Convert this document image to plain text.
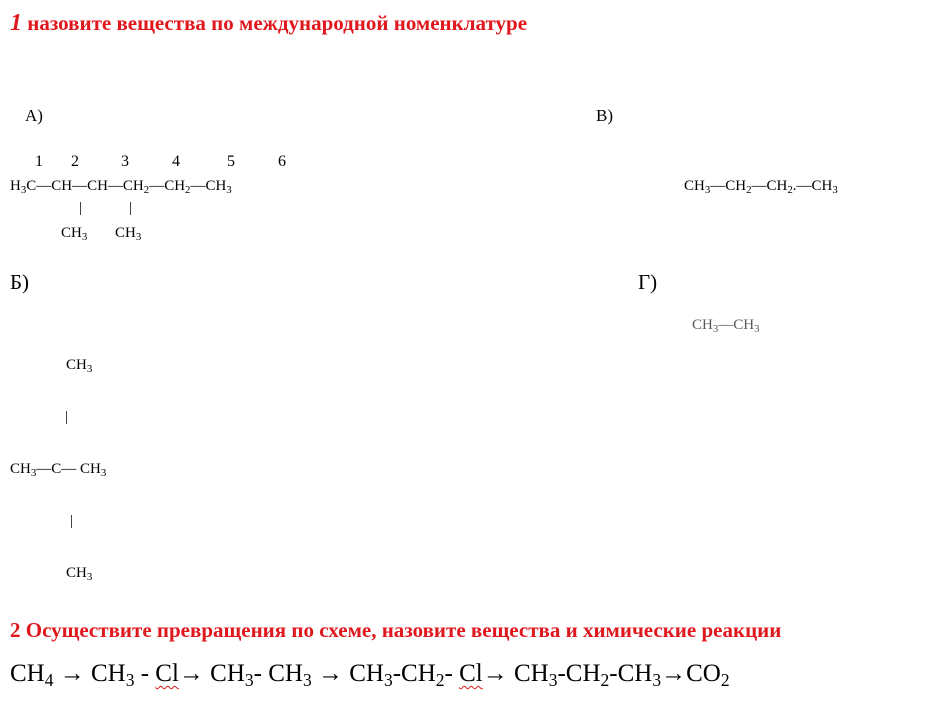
1 назовите вещества по международной номенклатуре
А)	В)
Б)	Г)
1 2	3	4	5	6
$H_3C—CH—CH—CH_2—CH_2—CH_3$
|	|
$CH_3$ $CH_3$
$CH_3—CH_2—CH_2.—CH_3$
$CH_3—CH_3$
$CH_3$
|
$CH_3—C—$ $CH_3$
|
$CH_3$
2 Осуществите превращения по схеме, назовите вещества и химические реакции
$CH_4 \to CH_3 - Cl\to CH_3-$ $CH_3 \to CH_3-CH_2-$ $Cl\to CH_3-CH_2-CH_3\to CO_2$
